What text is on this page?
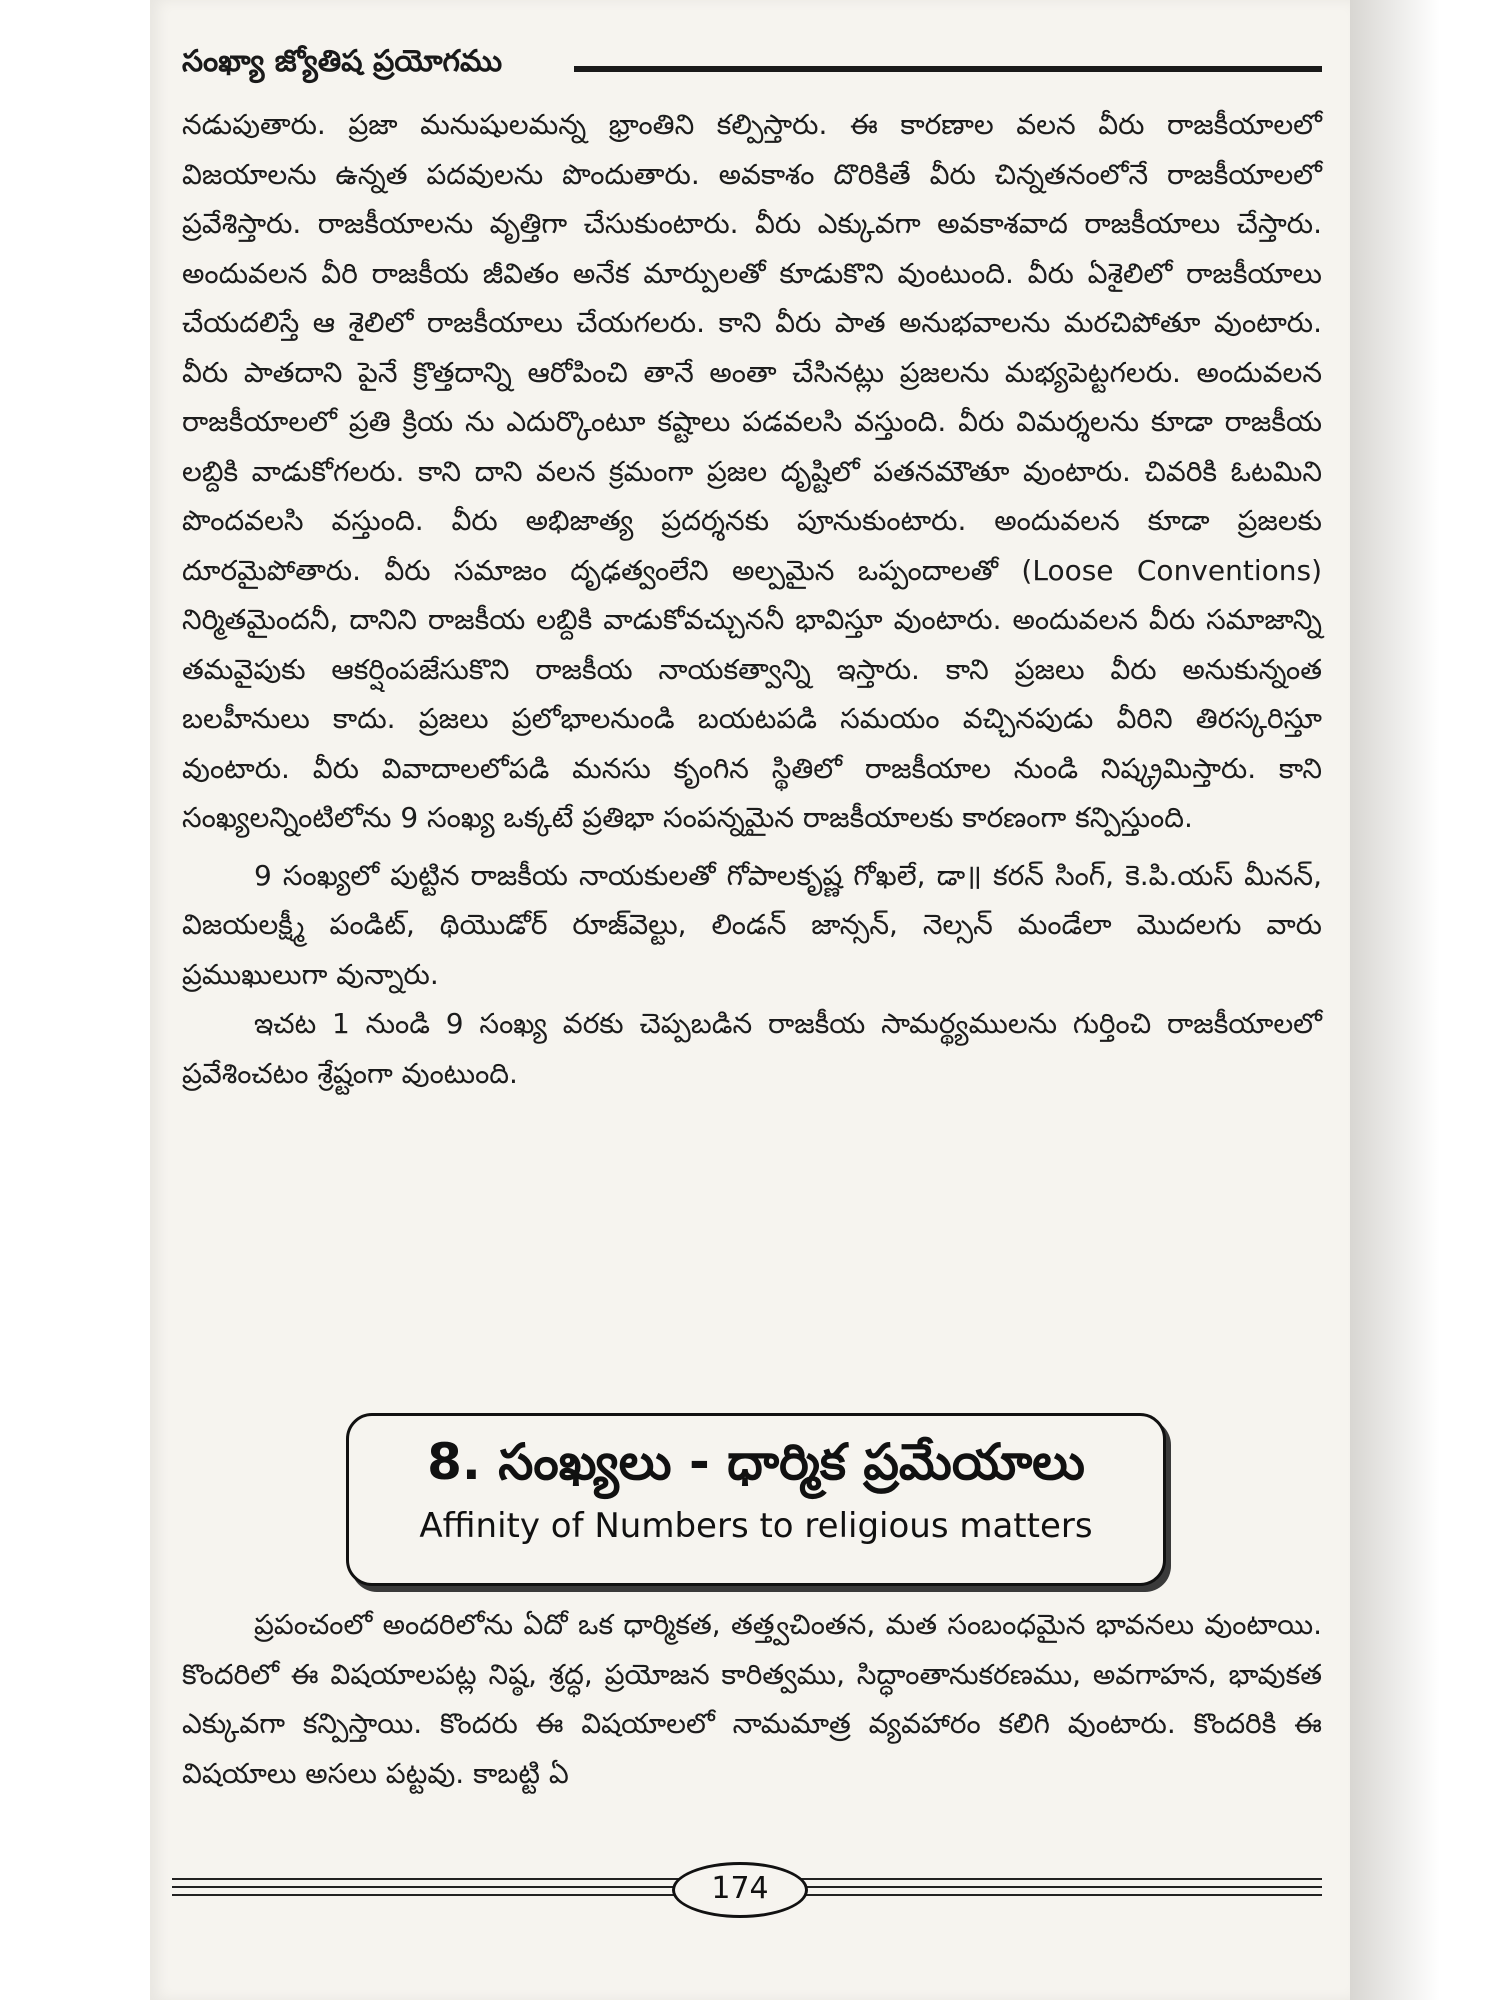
సంఖ్యా జ్యోతిష ప్రయోగము

నడుపుతారు. ప్రజా మనుషులమన్న భ్రాంతిని కల్పిస్తారు. ఈ కారణాల వలన వీరు రాజకీయాలలో విజయాలను ఉన్నత పదవులను పొందుతారు. అవకాశం దొరికితే వీరు చిన్నతనంలోనే రాజకీయాలలో ప్రవేశిస్తారు. రాజకీయాలను వృత్తిగా చేసుకుంటారు. వీరు ఎక్కువగా అవకాశవాద రాజకీయాలు చేస్తారు. అందువలన వీరి రాజకీయ జీవితం అనేక మార్పులతో కూడుకొని వుంటుంది. వీరు ఏశైలిలో రాజకీయాలు చేయదలిస్తే ఆ శైలిలో రాజకీయాలు చేయగలరు. కాని వీరు పాత అనుభవాలను మరచిపోతూ వుంటారు. వీరు పాతదాని పైనే క్రొత్తదాన్ని ఆరోపించి తానే అంతా చేసినట్లు ప్రజలను మభ్యపెట్టగలరు. అందువలన రాజకీయాలలో ప్రతి క్రియ ను ఎదుర్కొంటూ కష్టాలు పడవలసి వస్తుంది. వీరు విమర్శలను కూడా రాజకీయ లబ్దికి వాడుకోగలరు. కాని దాని వలన క్రమంగా ప్రజల దృష్టిలో పతనమౌతూ వుంటారు. చివరికి ఓటమిని పొందవలసి వస్తుంది. వీరు అభిజాత్య ప్రదర్శనకు పూనుకుంటారు. అందువలన కూడా ప్రజలకు దూరమైపోతారు. వీరు సమాజం దృఢత్వంలేని అల్పమైన ఒప్పందాలతో (Loose Conventions) నిర్మితమైందనీ, దానిని రాజకీయ లబ్దికి వాడుకోవచ్చుననీ భావిస్తూ వుంటారు. అందువలన వీరు సమాజాన్ని తమవైపుకు ఆకర్షింపజేసుకొని రాజకీయ నాయకత్వాన్ని ఇస్తారు. కాని ప్రజలు వీరు అనుకున్నంత బలహీనులు కాదు. ప్రజలు ప్రలోభాలనుండి బయటపడి సమయం వచ్చినపుడు వీరిని తిరస్కరిస్తూ వుంటారు. వీరు వివాదాలలోపడి మనసు కృంగిన స్థితిలో రాజకీయాల నుండి నిష్క్రమిస్తారు. కాని సంఖ్యలన్నింటిలోను 9 సంఖ్య ఒక్కటే ప్రతిభా సంపన్నమైన రాజకీయాలకు కారణంగా కన్పిస్తుంది.

9 సంఖ్యలో పుట్టిన రాజకీయ నాయకులతో గోపాలకృష్ణ గోఖలే, డా॥ కరన్ సింగ్, కె.పి.యస్ మీనన్, విజయలక్ష్మీ పండిట్, థియొడోర్ రూజ్‌వెల్టు, లిండన్ జాన్సన్, నెల్సన్ మండేలా మొదలగు వారు ప్రముఖులుగా వున్నారు.

ఇచట 1 నుండి 9 సంఖ్య వరకు చెప్పబడిన రాజకీయ సామర్థ్యములను గుర్తించి రాజకీయాలలో ప్రవేశించటం శ్రేష్టంగా వుంటుంది.

8. సంఖ్యలు - ధార్మిక ప్రమేయాలు
Affinity of Numbers to religious matters

ప్రపంచంలో అందరిలోను ఏదో ఒక ధార్మికత, తత్త్వచింతన, మత సంబంధమైన భావనలు వుంటాయి. కొందరిలో ఈ విషయాలపట్ల నిష్ఠ, శ్రద్ధ, ప్రయోజన కారిత్వము, సిద్ధాంతానుకరణము, అవగాహన, భావుకత ఎక్కువగా కన్పిస్తాయి. కొందరు ఈ విషయాలలో నామమాత్ర వ్యవహారం కలిగి వుంటారు. కొందరికి ఈ విషయాలు అసలు పట్టవు. కాబట్టి ఏ

174
